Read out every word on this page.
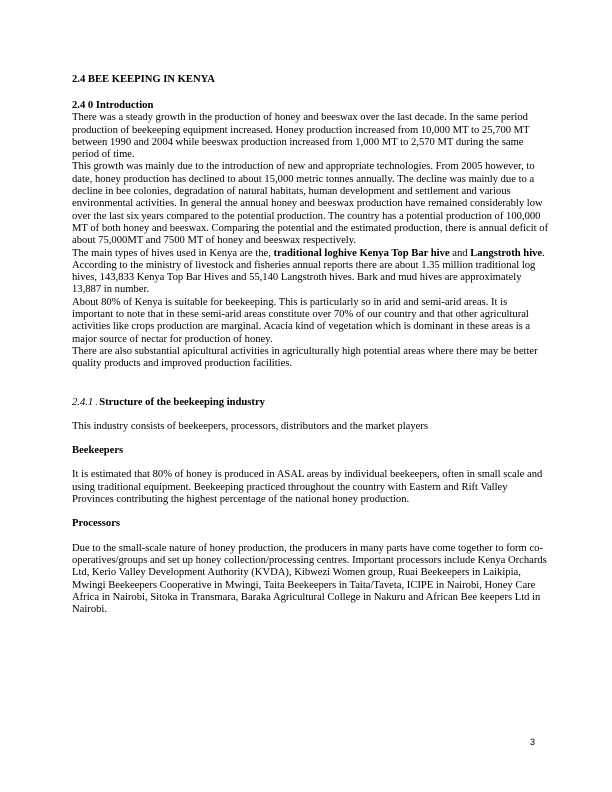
2.4 BEE KEEPING IN KENYA
2.4 0 Introduction

There was a steady growth in the production of honey and beeswax over the last decade. In the same period production of beekeeping equipment increased. Honey production increased from 10,000 MT to 25,700 MT between 1990 and 2004 while beeswax production increased from 1,000 MT to 2,570 MT during the same period of time.

This growth was mainly due to the introduction of new and appropriate technologies. From 2005 however, to date, honey production has declined to about 15,000 metric tonnes annually. The decline was mainly due to a decline in bee colonies, degradation of natural habitats, human development and settlement and various environmental activities. In general the annual honey and beeswax production have remained considerably low over the last six years compared to the potential production. The country has a potential production of 100,000 MT of both honey and beeswax. Comparing the potential and the estimated production, there is annual deficit of about 75,000MT and 7500 MT of honey and beeswax respectively.

The main types of hives used in Kenya are the, traditional loghive Kenya Top Bar hive and Langstroth hive. According to the ministry of livestock and fisheries annual reports there are about 1.35 million traditional log hives, 143,833 Kenya Top Bar Hives and 55,140 Langstroth hives. Bark and mud hives are approximately 13,887 in number.

About 80% of Kenya is suitable for beekeeping. This is particularly so in arid and semi-arid areas. It is important to note that in these semi-arid areas constitute over 70% of our country and that other agricultural activities like crops production are marginal. Acacia kind of vegetation which is dominant in these areas is a major source of nectar for production of honey.

There are also substantial apicultural activities in agriculturally high potential areas where there may be better quality products and improved production facilities.

2.4.1 . Structure of the beekeeping industry

This industry consists of beekeepers, processors, distributors and the market players

Beekeepers

It is estimated that 80% of honey is produced in ASAL areas by individual beekeepers, often in small scale and using traditional equipment. Beekeeping practiced throughout the country with Eastern and Rift Valley Provinces contributing the highest percentage of the national honey production.

Processors

Due to the small-scale nature of honey production, the producers in many parts have come together to form co-operatives/groups and set up honey collection/processing centres. Important processors include Kenya Orchards Ltd, Kerio Valley Development Authority (KVDA), Kibwezi Women group, Ruai Beekeepers in Laikipia, Mwingi Beekeepers Cooperative in Mwingi, Taita Beekeepers in Taita/Taveta, ICIPE in Nairobi, Honey Care Africa in Nairobi, Sitoka in Transmara, Baraka Agricultural College in Nakuru and African Bee keepers Ltd in Nairobi.

3
